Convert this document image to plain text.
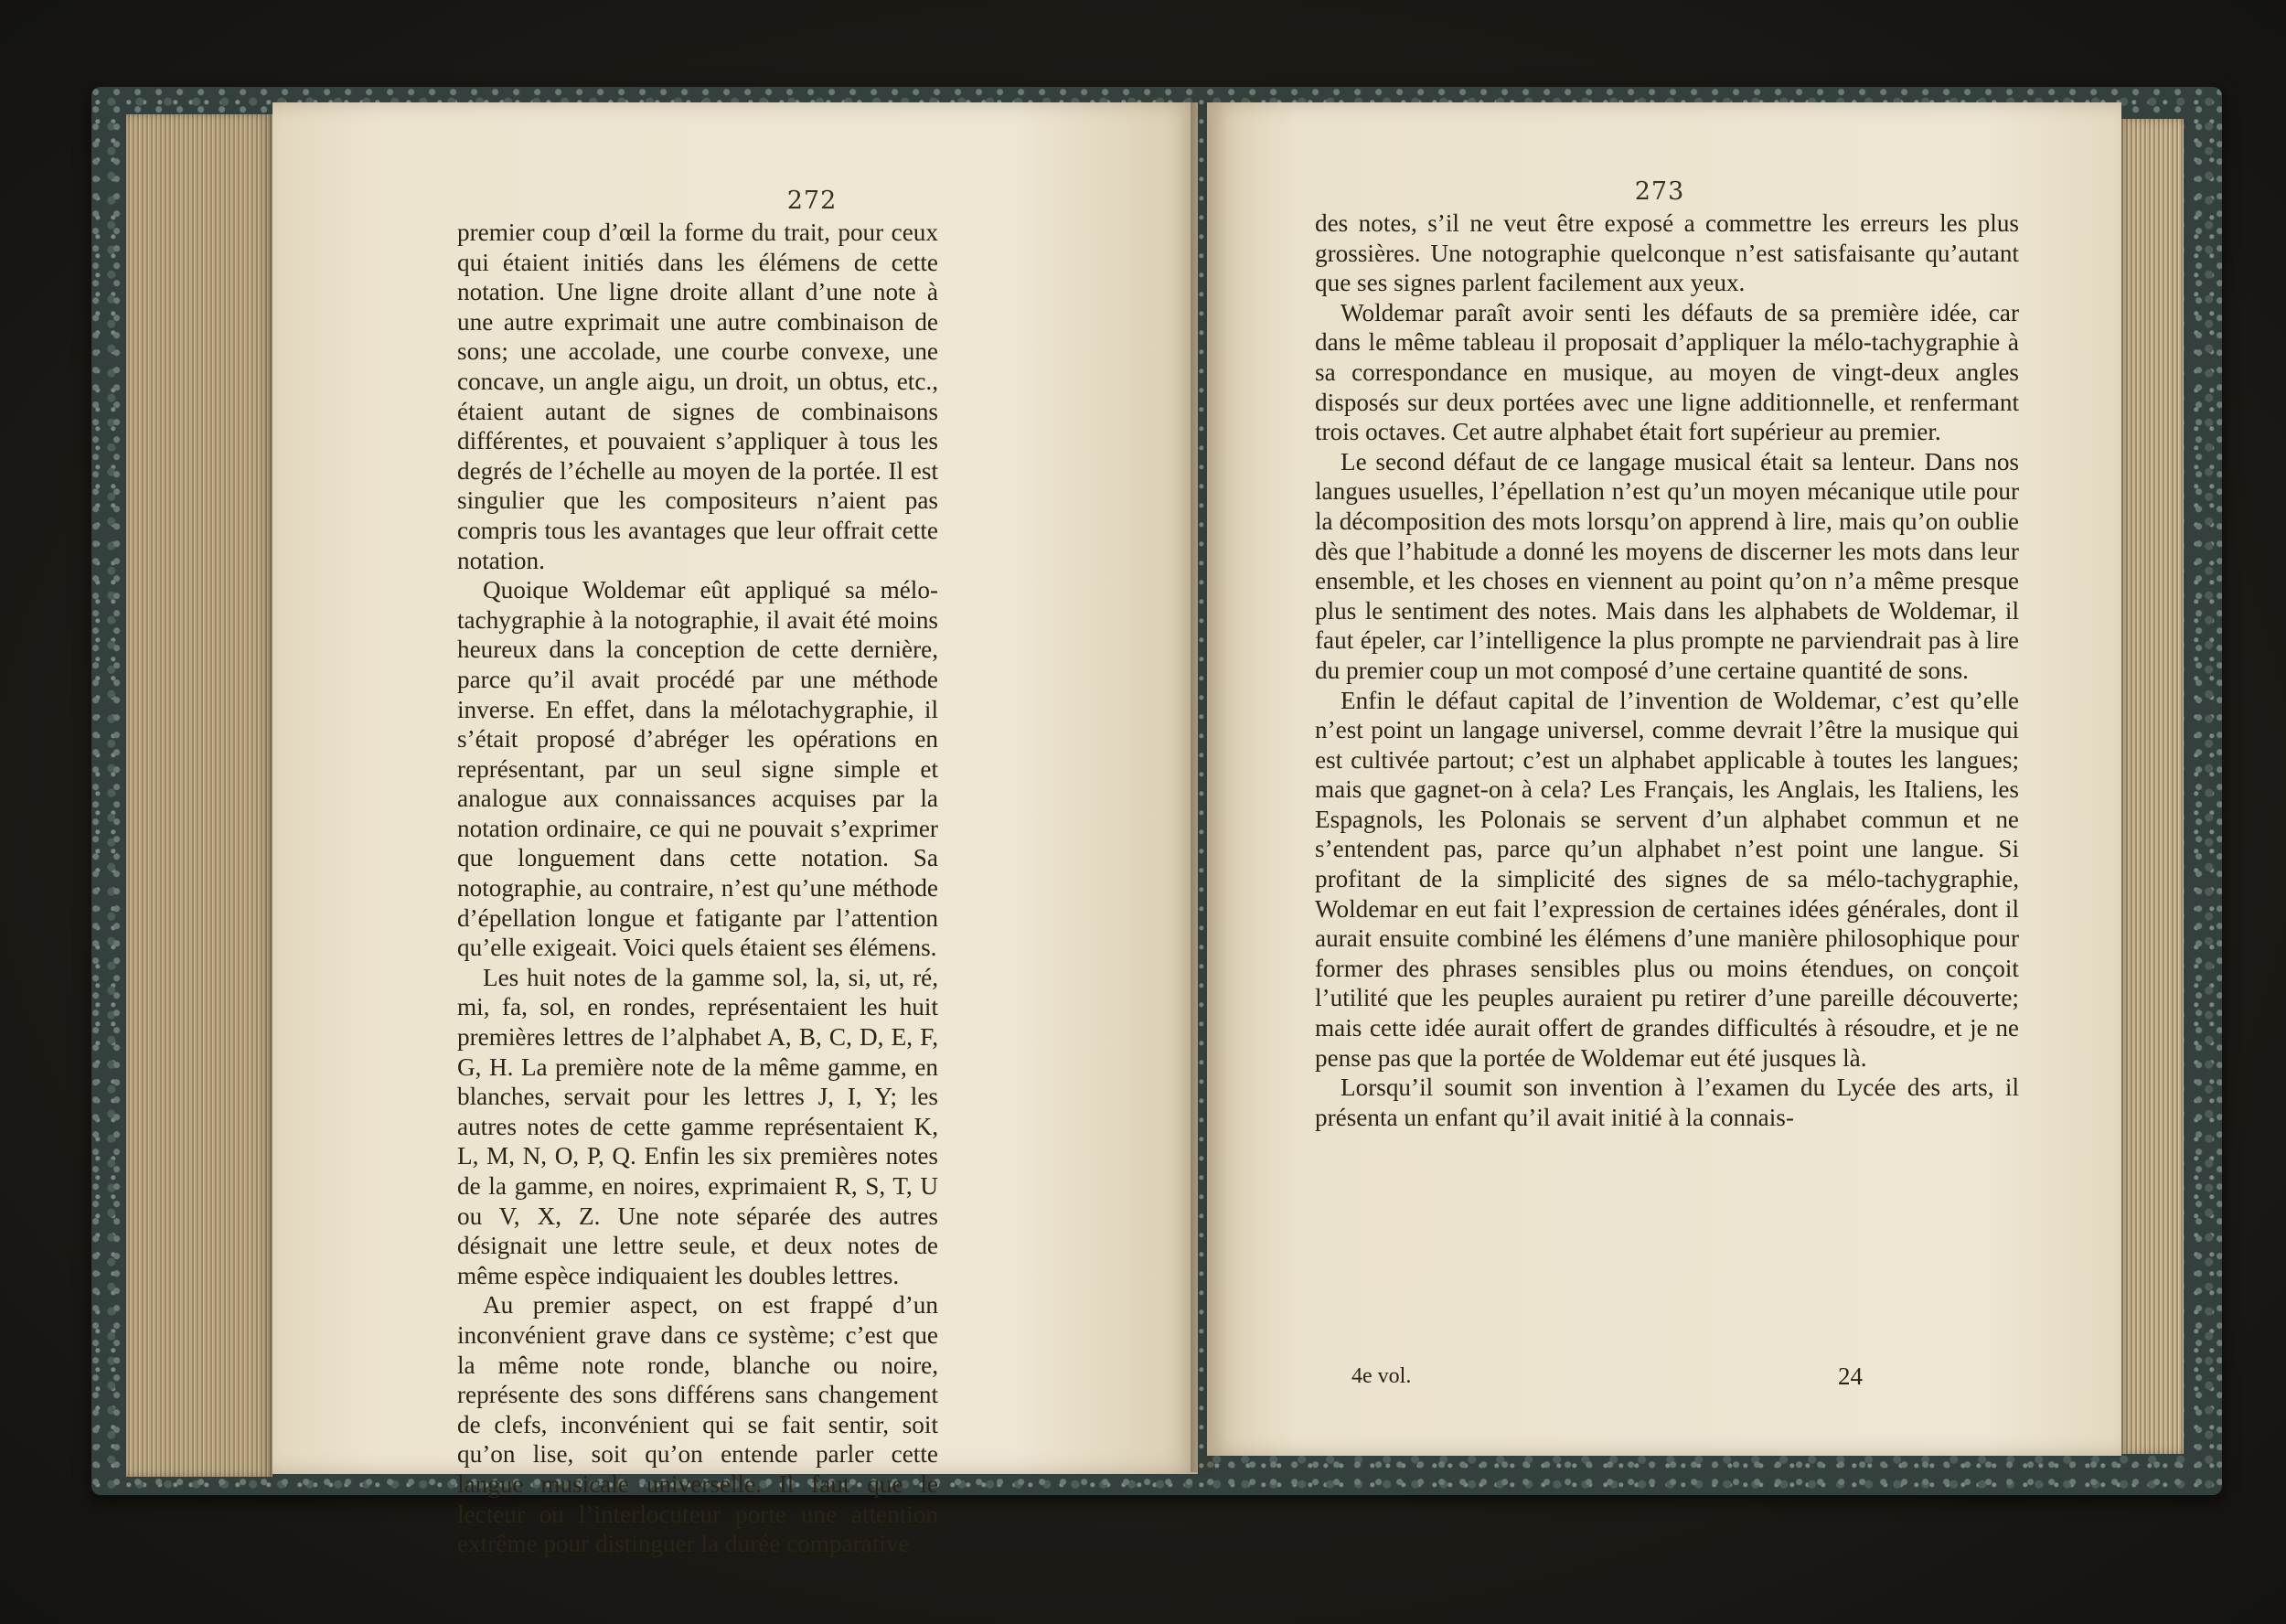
272

premier coup d’œil la forme du trait, pour ceux qui étaient initiés dans les élémens de cette notation. Une ligne droite allant d’une note à une autre exprimait une autre combinaison de sons; une accolade, une courbe convexe, une concave, un angle aigu, un droit, un obtus, etc., étaient autant de signes de combinaisons différentes, et pouvaient s’appliquer à tous les degrés de l’échelle au moyen de la portée. Il est singulier que les compositeurs n’aient pas compris tous les avantages que leur offrait cette notation.

Quoique Woldemar eût appliqué sa mélo-tachygraphie à la notographie, il avait été moins heureux dans la conception de cette dernière, parce qu’il avait procédé par une méthode inverse. En effet, dans la mélotachygraphie, il s’était proposé d’abréger les opérations en représentant, par un seul signe simple et analogue aux connaissances acquises par la notation ordinaire, ce qui ne pouvait s’exprimer que longuement dans cette notation. Sa notographie, au contraire, n’est qu’une méthode d’épellation longue et fatigante par l’attention qu’elle exigeait. Voici quels étaient ses élémens.

Les huit notes de la gamme sol, la, si, ut, ré, mi, fa, sol, en rondes, représentaient les huit premières lettres de l’alphabet A, B, C, D, E, F, G, H. La première note de la même gamme, en blanches, servait pour les lettres J, I, Y; les autres notes de cette gamme représentaient K, L, M, N, O, P, Q. Enfin les six premières notes de la gamme, en noires, exprimaient R, S, T, U ou V, X, Z. Une note séparée des autres désignait une lettre seule, et deux notes de même espèce indiquaient les doubles lettres.

Au premier aspect, on est frappé d’un inconvénient grave dans ce système; c’est que la même note ronde, blanche ou noire, représente des sons différens sans changement de clefs, inconvénient qui se fait sentir, soit qu’on lise, soit qu’on entende parler cette langue musicale universelle. Il faut que le lecteur ou l’interlocuteur porte une attention extrême pour distinguer la durée comparative

273

des notes, s’il ne veut être exposé a commettre les erreurs les plus grossières. Une notographie quelconque n’est satisfaisante qu’autant que ses signes parlent facilement aux yeux.

Woldemar paraît avoir senti les défauts de sa première idée, car dans le même tableau il proposait d’appliquer la mélo-tachygraphie à sa correspondance en musique, au moyen de vingt-deux angles disposés sur deux portées avec une ligne additionnelle, et renfermant trois octaves. Cet autre alphabet était fort supérieur au premier.

Le second défaut de ce langage musical était sa lenteur. Dans nos langues usuelles, l’épellation n’est qu’un moyen mécanique utile pour la décomposition des mots lorsqu’on apprend à lire, mais qu’on oublie dès que l’habitude a donné les moyens de discerner les mots dans leur ensemble, et les choses en viennent au point qu’on n’a même presque plus le sentiment des notes. Mais dans les alphabets de Woldemar, il faut épeler, car l’intelligence la plus prompte ne parviendrait pas à lire du premier coup un mot composé d’une certaine quantité de sons.

Enfin le défaut capital de l’invention de Woldemar, c’est qu’elle n’est point un langage universel, comme devrait l’être la musique qui est cultivée partout; c’est un alphabet applicable à toutes les langues; mais que gagnet-on à cela? Les Français, les Anglais, les Italiens, les Espagnols, les Polonais se servent d’un alphabet commun et ne s’entendent pas, parce qu’un alphabet n’est point une langue. Si profitant de la simplicité des signes de sa mélo-tachygraphie, Woldemar en eut fait l’expression de certaines idées générales, dont il aurait ensuite combiné les élémens d’une manière philosophique pour former des phrases sensibles plus ou moins étendues, on conçoit l’utilité que les peuples auraient pu retirer d’une pareille découverte; mais cette idée aurait offert de grandes difficultés à résoudre, et je ne pense pas que la portée de Woldemar eut été jusques là.

Lorsqu’il soumit son invention à l’examen du Lycée des arts, il présenta un enfant qu’il avait initié à la connais-

4e vol.	24
